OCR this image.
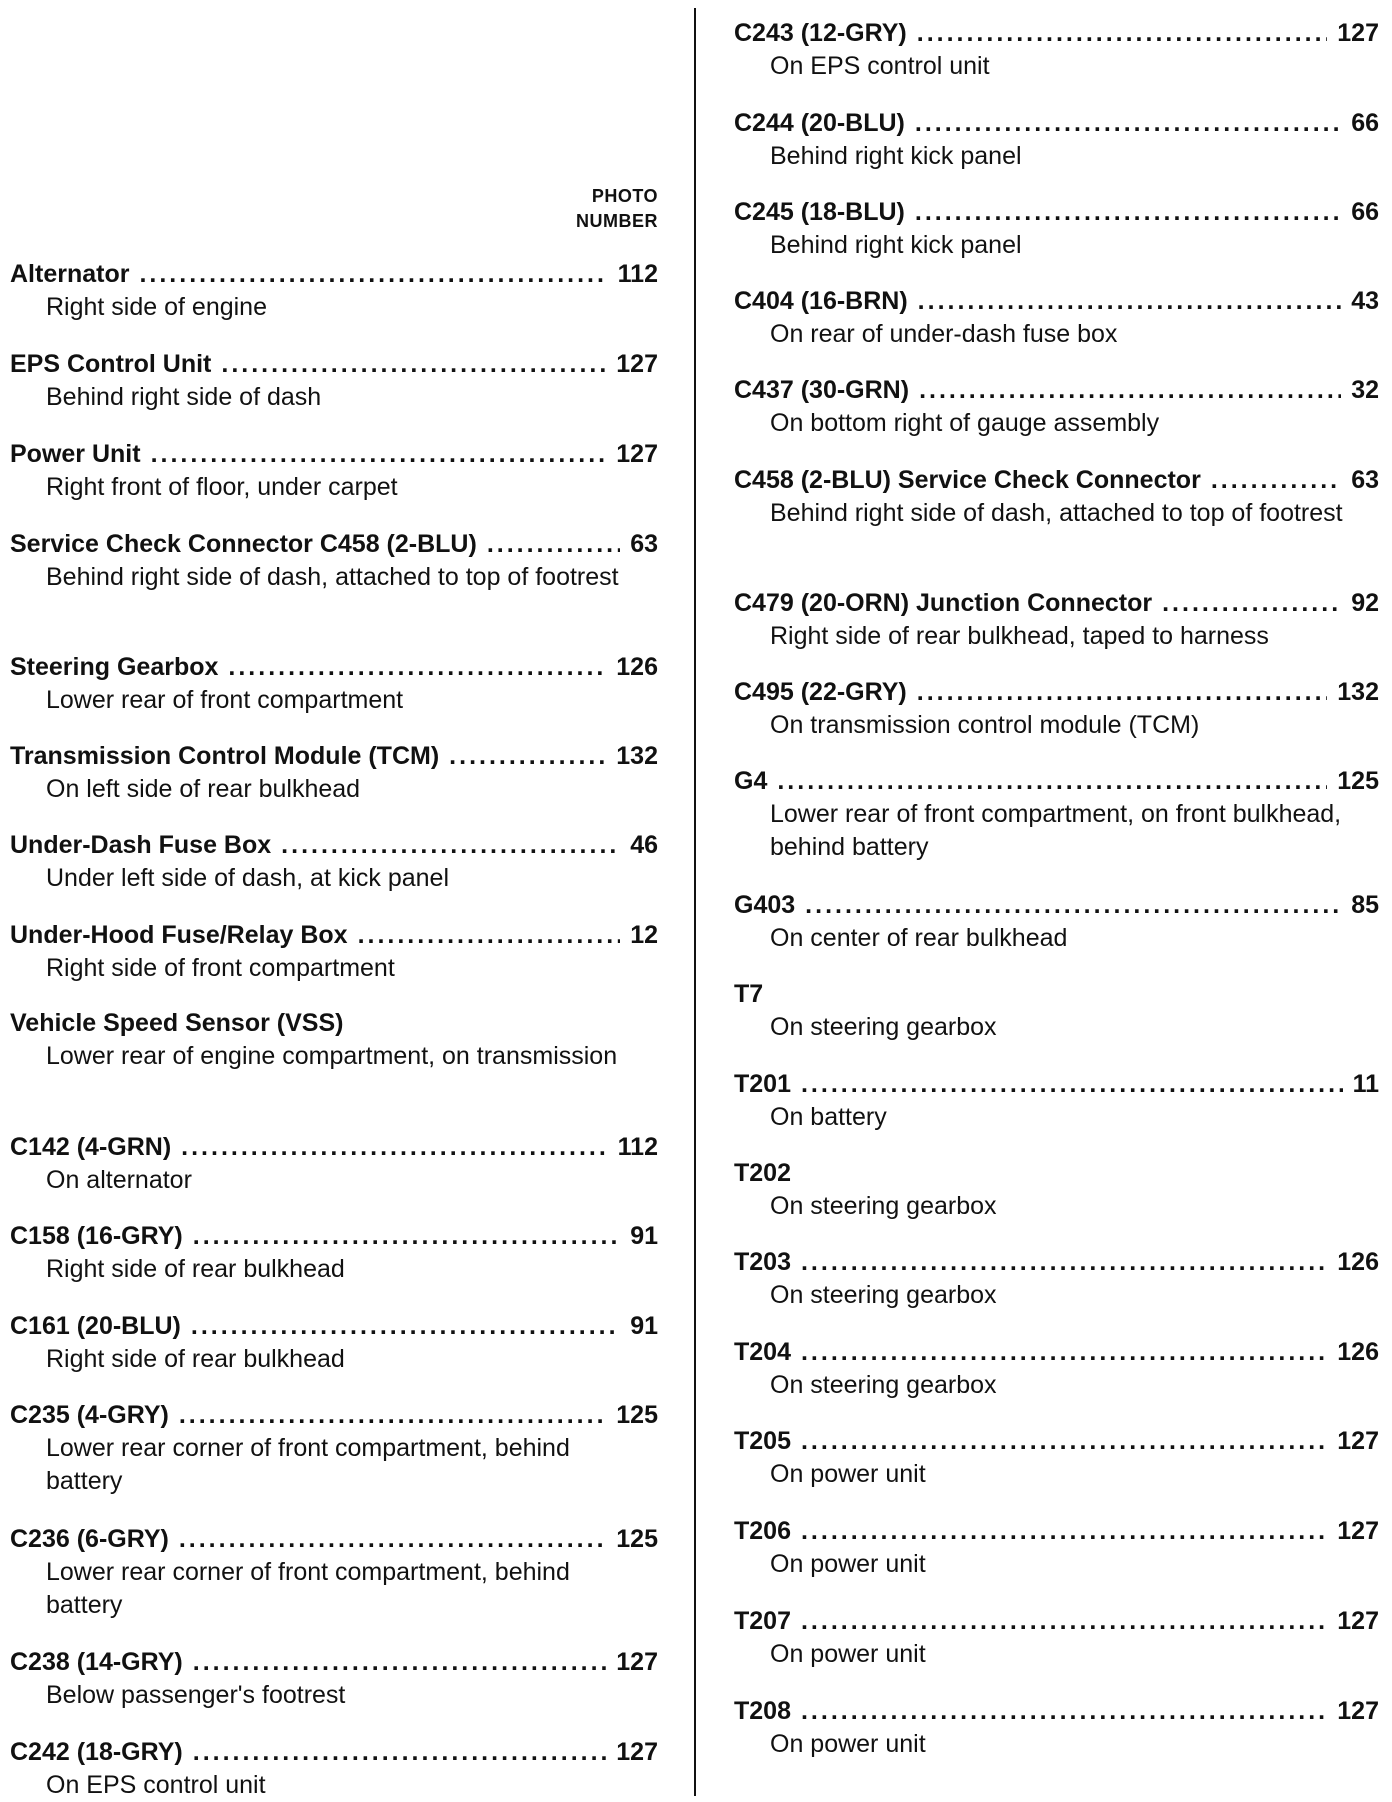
PHOTO
NUMBER
Alternator .....	112
Right side of engine
EPS Control Unit .....	127
Behind right side of dash
Power Unit .....	127
Right front of floor, under carpet
Service Check Connector C458 (2-BLU) .....	63
Behind right side of dash, attached to top of footrest
Steering Gearbox .....	126
Lower rear of front compartment
Transmission Control Module (TCM) .....	132
On left side of rear bulkhead
Under-Dash Fuse Box .....	46
Under left side of dash, at kick panel
Under-Hood Fuse/Relay Box .....	12
Right side of front compartment
Vehicle Speed Sensor (VSS)
Lower rear of engine compartment, on transmission
C142 (4-GRN) .....	112
On alternator
C158 (16-GRY) .....	91
Right side of rear bulkhead
C161 (20-BLU) .....	91
Right side of rear bulkhead
C235 (4-GRY) .....	125
Lower rear corner of front compartment, behind battery
C236 (6-GRY) .....	125
Lower rear corner of front compartment, behind battery
C238 (14-GRY) .....	127
Below passenger's footrest
C242 (18-GRY) .....	127
On EPS control unit
C243 (12-GRY) .....	127
On EPS control unit
C244 (20-BLU) .....	66
Behind right kick panel
C245 (18-BLU) .....	66
Behind right kick panel
C404 (16-BRN) .....	43
On rear of under-dash fuse box
C437 (30-GRN) .....	32
On bottom right of gauge assembly
C458 (2-BLU) Service Check Connector .....	63
Behind right side of dash, attached to top of footrest
C479 (20-ORN) Junction Connector .....	92
Right side of rear bulkhead, taped to harness
C495 (22-GRY) .....	132
On transmission control module (TCM)
G4 .....	125
Lower rear of front compartment, on front bulkhead, behind battery
G403 .....	85
On center of rear bulkhead
T7
On steering gearbox
T201 .....	11
On battery
T202
On steering gearbox
T203 .....	126
On steering gearbox
T204 .....	126
On steering gearbox
T205 .....	127
On power unit
T206 .....	127
On power unit
T207 .....	127
On power unit
T208 .....	127
On power unit
